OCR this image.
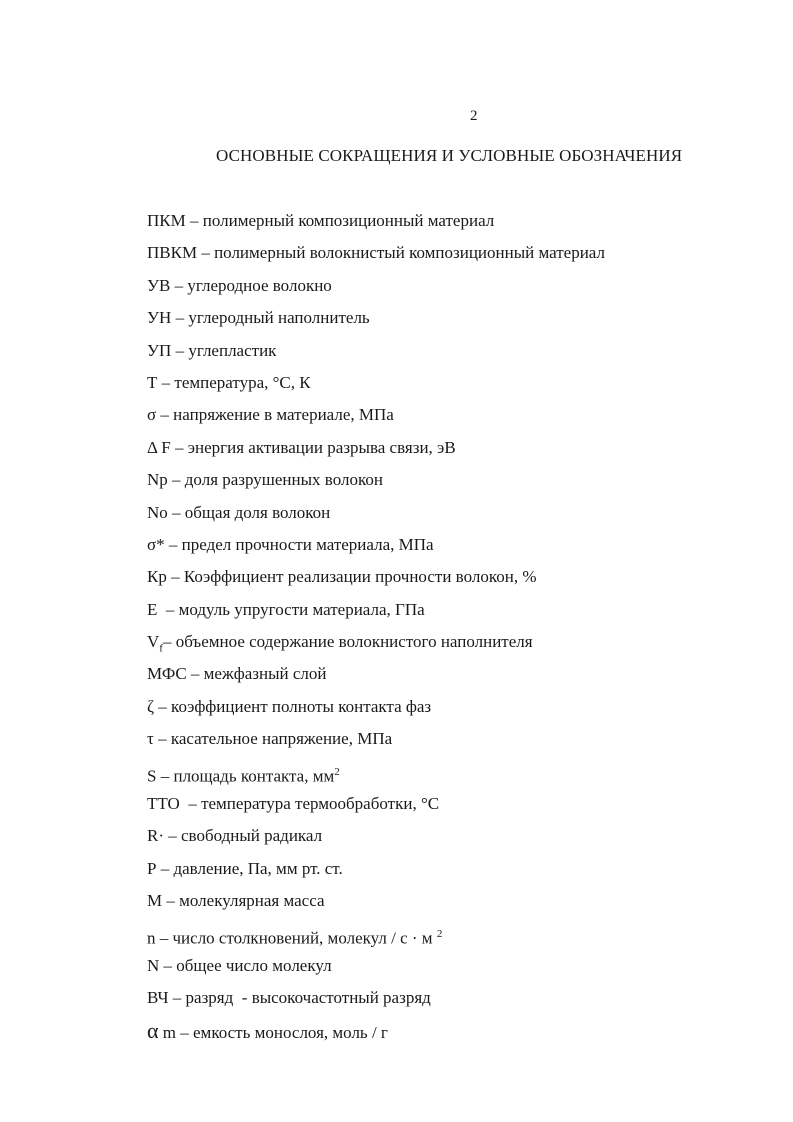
2
ОСНОВНЫЕ СОКРАЩЕНИЯ И УСЛОВНЫЕ ОБОЗНАЧЕНИЯ
ПКМ – полимерный композиционный материал
ПВКМ – полимерный волокнистый композиционный материал
УВ – углеродное волокно
УН – углеродный наполнитель
УП – углепластик
Т – температура, °С, К
σ – напряжение в материале, МПа
Δ F – энергия активации разрыва связи, эВ
Nр – доля разрушенных волокон
Nо – общая доля волокон
σ* – предел прочности материала, МПа
Кр – Коэффициент реализации прочности волокон, %
Е  – модуль упругости материала, ГПа
$V_f-$ объемное содержание волокнистого наполнителя
МФС – межфазный слой
ζ – коэффициент полноты контакта фаз
τ – касательное напряжение, МПа
S – площадь контакта, $мм^2$
ТТО  – температура термообработки, °С
R· – свободный радикал
Р – давление, Па, мм рт. ст.
М – молекулярная масса
n – число столкновений, молекул / с · м $^2$
N – общее число молекул
ВЧ – разряд  - высокочастотный разряд
α m – емкость монослоя, моль / г
